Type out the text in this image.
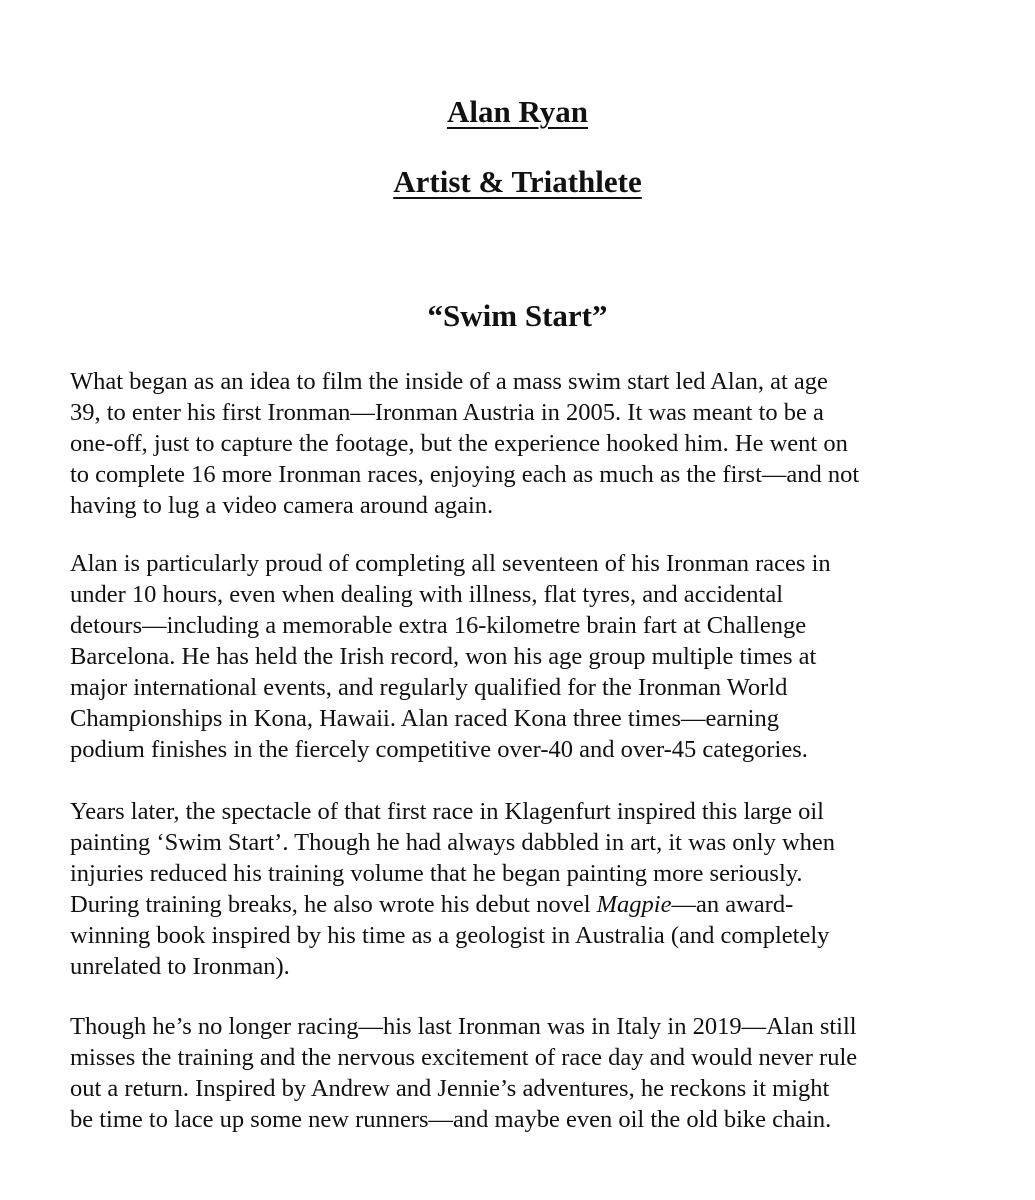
Alan Ryan
Artist & Triathlete
“Swim Start”

What began as an idea to film the inside of a mass swim start led Alan, at age
39, to enter his first Ironman—Ironman Austria in 2005. It was meant to be a
one-off, just to capture the footage, but the experience hooked him. He went on
to complete 16 more Ironman races, enjoying each as much as the first—and not
having to lug a video camera around again.

Alan is particularly proud of completing all seventeen of his Ironman races in
under 10 hours, even when dealing with illness, flat tyres, and accidental
detours—including a memorable extra 16-kilometre brain fart at Challenge
Barcelona. He has held the Irish record, won his age group multiple times at
major international events, and regularly qualified for the Ironman World
Championships in Kona, Hawaii. Alan raced Kona three times—earning
podium finishes in the fiercely competitive over-40 and over-45 categories.

Years later, the spectacle of that first race in Klagenfurt inspired this large oil
painting ‘Swim Start’. Though he had always dabbled in art, it was only when
injuries reduced his training volume that he began painting more seriously.
During training breaks, he also wrote his debut novel Magpie—an award-
winning book inspired by his time as a geologist in Australia (and completely
unrelated to Ironman).

Though he’s no longer racing—his last Ironman was in Italy in 2019—Alan still
misses the training and the nervous excitement of race day and would never rule
out a return. Inspired by Andrew and Jennie’s adventures, he reckons it might
be time to lace up some new runners—and maybe even oil the old bike chain.
